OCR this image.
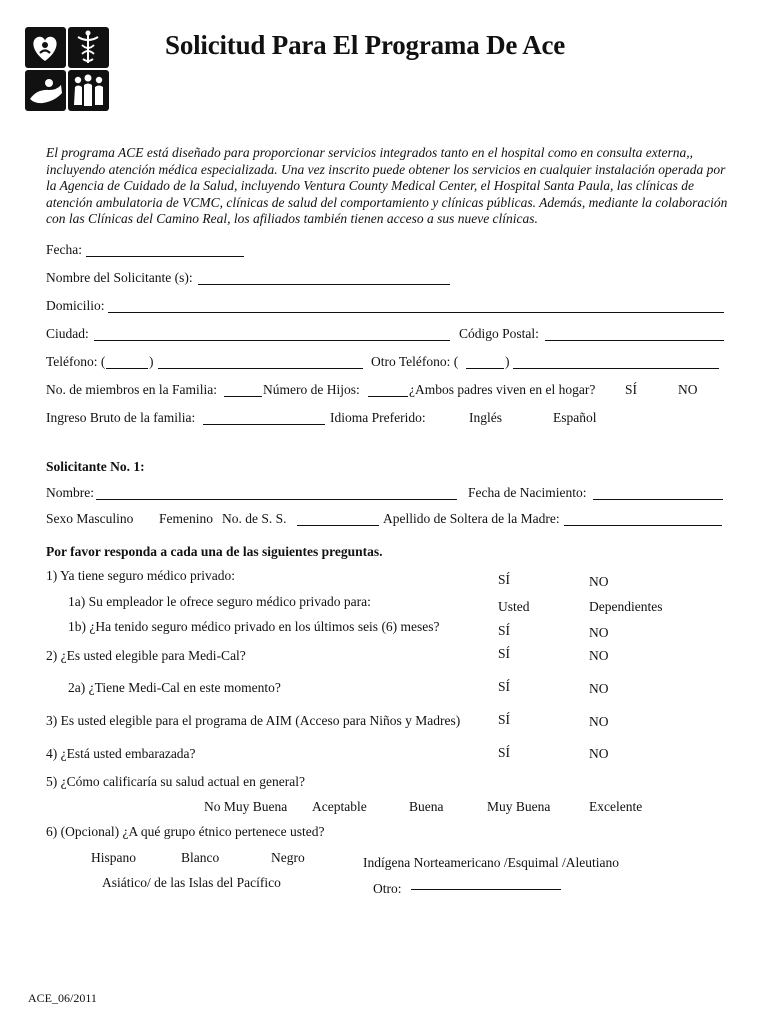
Solicitud Para El Programa De Ace
El programa ACE está diseñado para proporcionar servicios integrados tanto en el hospital como en consulta externa,, incluyendo atención médica especializada. Una vez inscrito puede obtener los servicios en cualquier instalación operada por la Agencia de Cuidado de la Salud, incluyendo Ventura County Medical Center, el Hospital Santa Paula, las clínicas de atención ambulatoria de VCMC, clínicas de salud del comportamiento y clínicas públicas. Además, mediante la colaboración con las Clínicas del Camino Real, los afiliados también tienen acceso a sus nueve clínicas.
Fecha:
Nombre del Solicitante (s):
Domicilio:
Ciudad:	Código Postal:
Teléfono: (	)	Otro Teléfono: (	)
No. de miembros en la Familia:	Número de Hijos:	¿Ambos padres viven en el hogar? SÍ	NO
Ingreso Bruto de la familia:	Idioma Preferido:	Inglés	Español
Solicitante No. 1:
Nombre:	Fecha de Nacimiento:
Sexo Masculino Femenino No. de S. S.	Apellido de Soltera de la Madre:
Por favor responda a cada una de las siguientes preguntas.
1) Ya tiene seguro médico privado:	SÍ	NO
1a) Su empleador le ofrece seguro médico privado para:	Usted	Dependientes
1b) ¿Ha tenido seguro médico privado en los últimos seis (6) meses?	SÍ	NO
2) ¿Es usted elegible para Medi-Cal?	SÍ	NO
2a) ¿Tiene Medi-Cal en este momento?	SÍ	NO
3) Es usted elegible para el programa de AIM (Acceso para Niños y Madres)	SÍ	NO
4) ¿Está usted embarazada?	SÍ	NO
5) ¿Cómo calificaría su salud actual en general?
No Muy Buena Aceptable	Buena	Muy Buena	Excelente
6) (Opcional) ¿A qué grupo étnico pertenece usted?
Hispano	Blanco	Negro	Indígena Norteamericano /Esquimal /Aleutiano
Asiático/ de las Islas del Pacífico	Otro:
ACE_06/2011
